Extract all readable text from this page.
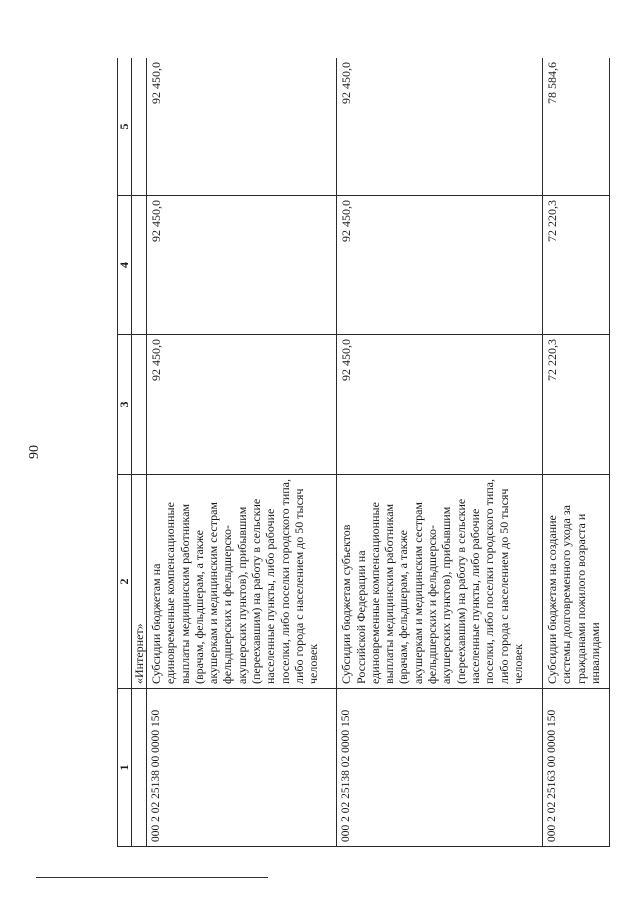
90
1	2	3	4	5
	«Интернет»			
000 2 02 25138 00 0000 150	Субсидии бюджетам на единовременные компенсационные выплаты медицинским работникам (врачам, фельдшерам, а также акушеркам и медицинским сестрам фельдшерских и фельдшерско-акушерских пунктов), прибывшим (переехавшим) на работу в сельские населенные пункты, либо рабочие поселки, либо поселки городского типа, либо города с населением до 50 тысяч человек	92 450,0	92 450,0	92 450,0
000 2 02 25138 02 0000 150	Субсидии бюджетам субъектов Российской Федерации на единовременные компенсационные выплаты медицинским работникам (врачам, фельдшерам, а также акушеркам и медицинским сестрам фельдшерских и фельдшерско-акушерских пунктов), прибывшим (переехавшим) на работу в сельские населенные пункты, либо рабочие поселки, либо поселки городского типа, либо города с населением до 50 тысяч человек	92 450,0	92 450,0	92 450,0
000 2 02 25163 00 0000 150	Субсидии бюджетам на создание системы долговременного ухода за гражданами пожилого возраста и инвалидами	72 220,3	72 220,3	78 584,6
